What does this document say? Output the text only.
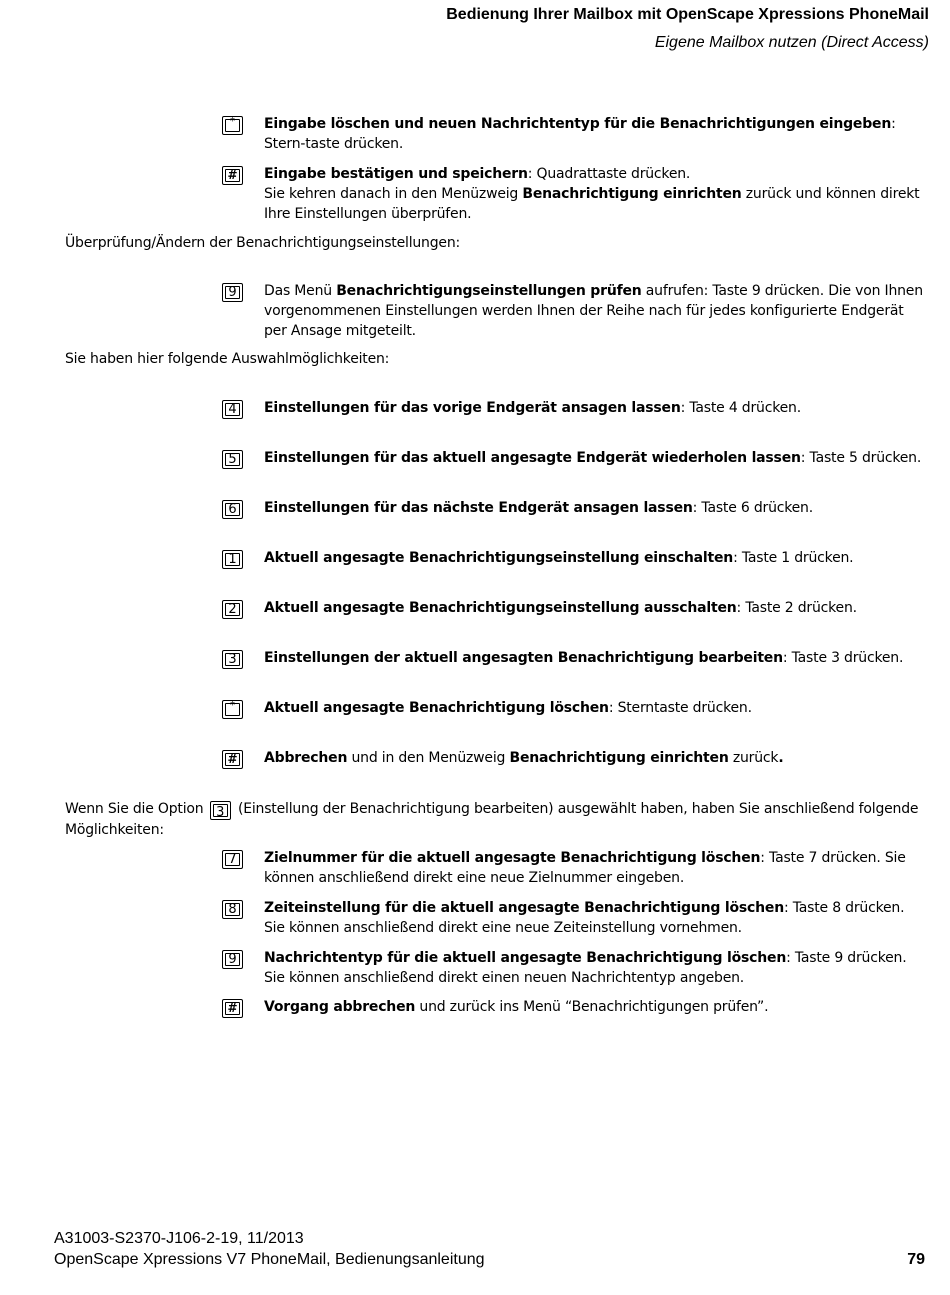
Bedienung Ihrer Mailbox mit OpenScape Xpressions PhoneMail
Eigene Mailbox nutzen (Direct Access)
* Eingabe löschen und neuen Nachrichtentyp für die Benachrichtigungen eingeben: Stern-taste drücken.
# Eingabe bestätigen und speichern: Quadrattaste drücken.
Sie kehren danach in den Menüzweig Benachrichtigung einrichten zurück und können direkt Ihre Einstellungen überprüfen.
Überprüfung/Ändern der Benachrichtigungseinstellungen:
9 Das Menü Benachrichtigungseinstellungen prüfen aufrufen: Taste 9 drücken. Die von Ihnen vorgenommenen Einstellungen werden Ihnen der Reihe nach für jedes konfigurierte Endgerät per Ansage mitgeteilt.
Sie haben hier folgende Auswahlmöglichkeiten:
4 Einstellungen für das vorige Endgerät ansagen lassen: Taste 4 drücken.
5 Einstellungen für das aktuell angesagte Endgerät wiederholen lassen: Taste 5 drücken.
6 Einstellungen für das nächste Endgerät ansagen lassen: Taste 6 drücken.
1 Aktuell angesagte Benachrichtigungseinstellung einschalten: Taste 1 drücken.
2 Aktuell angesagte Benachrichtigungseinstellung ausschalten: Taste 2 drücken.
3 Einstellungen der aktuell angesagten Benachrichtigung bearbeiten: Taste 3 drücken.
* Aktuell angesagte Benachrichtigung löschen: Sterntaste drücken.
# Abbrechen und in den Menüzweig Benachrichtigung einrichten zurück.
Wenn Sie die Option 3 (Einstellung der Benachrichtigung bearbeiten) ausgewählt haben, haben Sie anschließend folgende Möglichkeiten:
7 Zielnummer für die aktuell angesagte Benachrichtigung löschen: Taste 7 drücken. Sie können anschließend direkt eine neue Zielnummer eingeben.
8 Zeiteinstellung für die aktuell angesagte Benachrichtigung löschen: Taste 8 drücken. Sie können anschließend direkt eine neue Zeiteinstellung vornehmen.
9 Nachrichtentyp für die aktuell angesagte Benachrichtigung löschen: Taste 9 drücken. Sie können anschließend direkt einen neuen Nachrichtentyp angeben.
# Vorgang abbrechen und zurück ins Menü “Benachrichtigungen prüfen”.
A31003-S2370-J106-2-19, 11/2013
OpenScape Xpressions V7 PhoneMail, Bedienungsanleitung	79
